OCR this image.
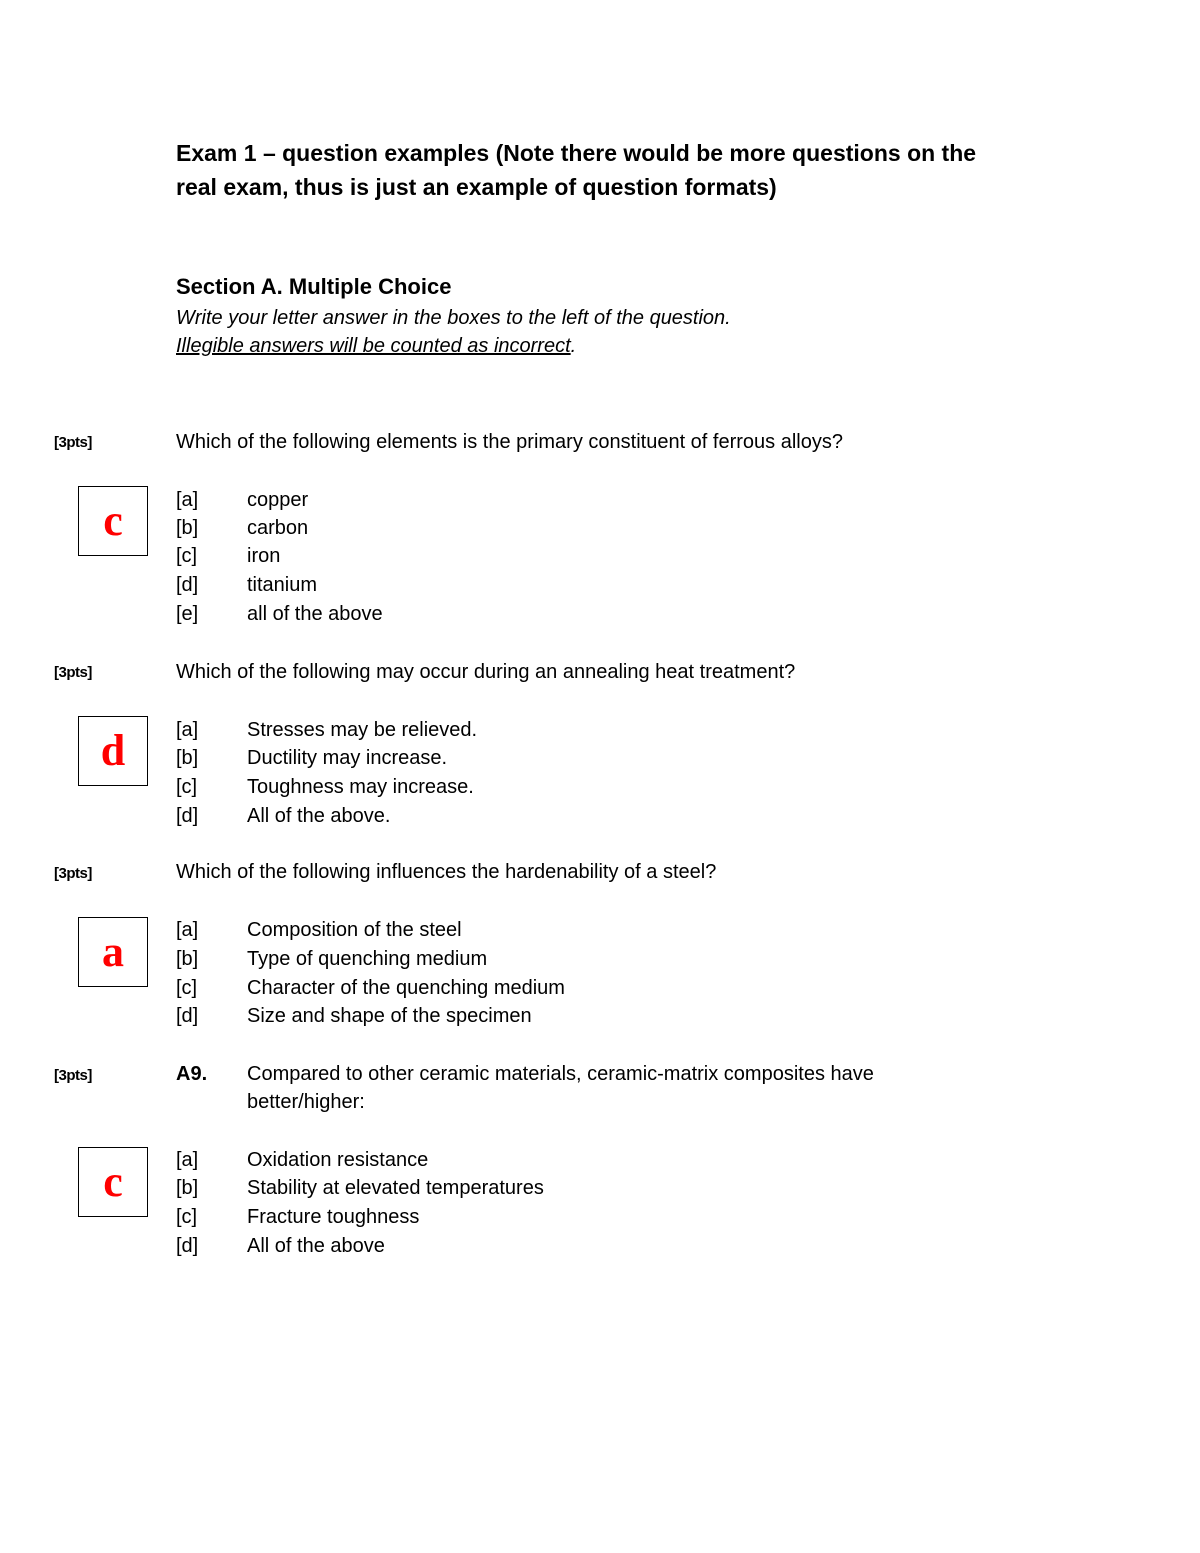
Exam 1 – question examples (Note there would be more questions on the real exam, thus is just an example of question formats)
Section A. Multiple Choice
Write your letter answer in the boxes to the left of the question.
Illegible answers will be counted as incorrect.
[3pts]	Which of the following elements is the primary constituent of ferrous alloys?
c	[a] copper
[b] carbon
[c] iron
[d] titanium
[e] all of the above
[3pts]	Which of the following may occur during an annealing heat treatment?
d	[a] Stresses may be relieved.
[b] Ductility may increase.
[c] Toughness may increase.
[d] All of the above.
[3pts]	Which of the following influences the hardenability of a steel?
a	[a] Composition of the steel
[b] Type of quenching medium
[c] Character of the quenching medium
[d] Size and shape of the specimen
[3pts]	A9. Compared to other ceramic materials, ceramic-matrix composites have better/higher:
c	[a] Oxidation resistance
[b] Stability at elevated temperatures
[c] Fracture toughness
[d] All of the above
